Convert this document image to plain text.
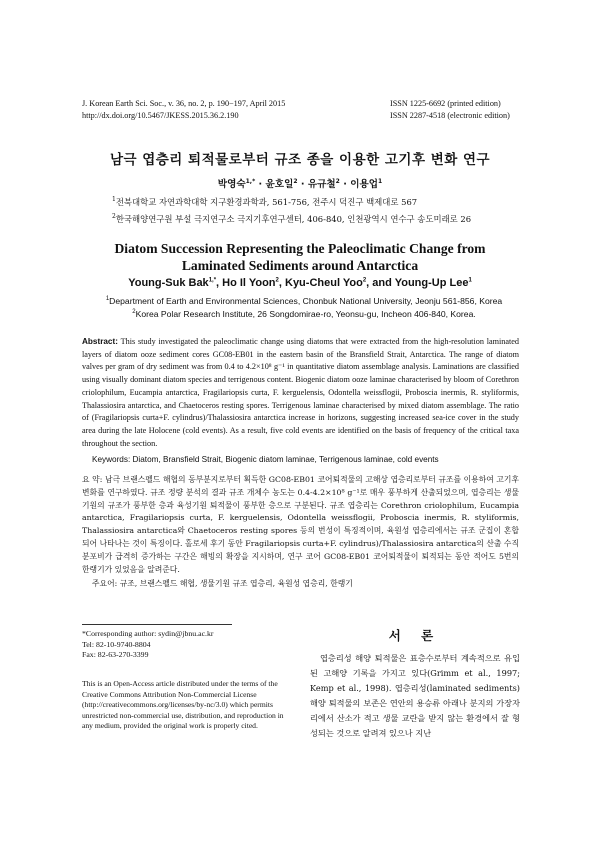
J. Korean Earth Sci. Soc., v. 36, no. 2, p. 190−197, April 2015
http://dx.doi.org/10.5467/JKESS.2015.36.2.190
ISSN 1225-6692 (printed edition)
ISSN 2287-4518 (electronic edition)
남극 엽층리 퇴적물로부터 규조 종을 이용한 고기후 변화 연구
박영숙$^{1,*}$ · 윤호일$^2$ · 유규철$^2$ · 이용업$^1$
$^1$전북대학교 자연과학대학 지구환경과학과, 561-756, 전주시 덕진구 백제대로 567
$^2$한국해양연구원 부설 극지연구소 극지기후연구센터, 406-840, 인천광역시 연수구 송도미래로 26
Diatom Succession Representing the Paleoclimatic Change from
Laminated Sediments around Antarctica
Young-Suk Bak$^{1,*}$, Ho Il Yoon$^2$, Kyu-Cheul Yoo$^2$, and Young-Up Lee$^1$
$^1$Department of Earth and Environmental Sciences, Chonbuk National University, Jeonju 561-856, Korea
$^2$Korea Polar Research Institute, 26 Songdomirae-ro, Yeonsu-gu, Incheon 406-840, Korea.

Abstract: This study investigated the paleoclimatic change using diatoms that were extracted from the high-resolution laminated layers of diatom ooze sediment cores GC08-EB01 in the eastern basin of the Bransfield Strait, Antarctica. The range of diatom valves per gram of dry sediment was from 0.4 to 4.2×10⁸ g⁻¹ in quantitative diatom assemblage analysis. Laminations are classified using visually dominant diatom species and terrigenous content. Biogenic diatom ooze laminae characterised by bloom of Corethron criolophilum, Eucampia antarctica, Fragilariopsis curta, F. kerguelensis, Odontella weissflogii, Proboscia inermis, R. styliformis, Thalassiosira antarctica, and Chaetoceros resting spores. Terrigenous laminae characterised by mixed diatom assemblage. The ratio of (Fragilariopsis curta+F. cylindrus)/Thalassiosira antarctica increase in horizons, suggesting increased sea-ice cover in the study area during the late Holocene (cold events). As a result, five cold events are identified on the basis of frequency of the critical taxa throughout the section.

Keywords: Diatom, Bransfield Strait, Biogenic diatom laminae, Terrigenous laminae, cold events

요 약: 남극 브랜스펠드 해협의 동부분지로부터 획득한 GC08-EB01 코어퇴적물의 고해상 엽층리로부터 규조를 이용하여 고기후변화를 연구하였다. 규조 정량 분석의 결과 규조 개체수 농도는 0.4-4.2×10⁸ g⁻¹로 매우 풍부하게 산출되었으며, 엽층리는 생물기원의 규조가 풍부한 층과 육성기원 퇴적물이 풍부한 층으로 구분된다. 규조 엽층리는 Corethron criolophilum, Eucampia antarctica, Fragilariopsis curta, F. kerguelensis, Odontella weissflogii, Proboscia inermis, R. styliformis, Thalassiosira antarctica와 Chaetoceros resting spores 등의 번성이 특징적이며, 육원성 엽층리에서는 규조 군집이 혼합되어 나타나는 것이 특징이다. 홀로세 후기 동안 Fragilariopsis curta+F. cylindrus)/Thalassiosira antarctica의 산출 수직 분포비가 급격히 증가하는 구간은 해빙의 확장을 지시하며, 연구 코어 GC08-EB01 코어퇴적물이 퇴적되는 동안 적어도 5번의 한랭기가 있었음을 알려준다.

주요어: 규조, 브랜스펠드 해협, 생물기원 규조 엽층리, 육원성 엽층리, 한랭기

*Corresponding author: sydin@jbnu.ac.kr

Tel: 82-10-9740-8804

Fax: 82-63-270-3399

This is an Open-Access article distributed under the terms of the Creative Commons Attribution Non-Commercial License (http://creativecommons.org/licenses/by-nc/3.0) which permits unrestricted non-commercial use, distribution, and reproduction in any medium, provided the original work is properly cited.
서 론

엽층리성 해양 퇴적물은 표층수로부터 계속적으로 유입된 고해양 기록을 가지고 있다(Grimm et al., 1997; Kemp et al., 1998). 엽층리성(laminated sediments) 해양 퇴적물의 보존은 연안의 용승류 아래나 분지의 가장자리에서 산소가 적고 생물 교란을 받지 않는 환경에서 잘 형성되는 것으로 알려져 있으나 지난
